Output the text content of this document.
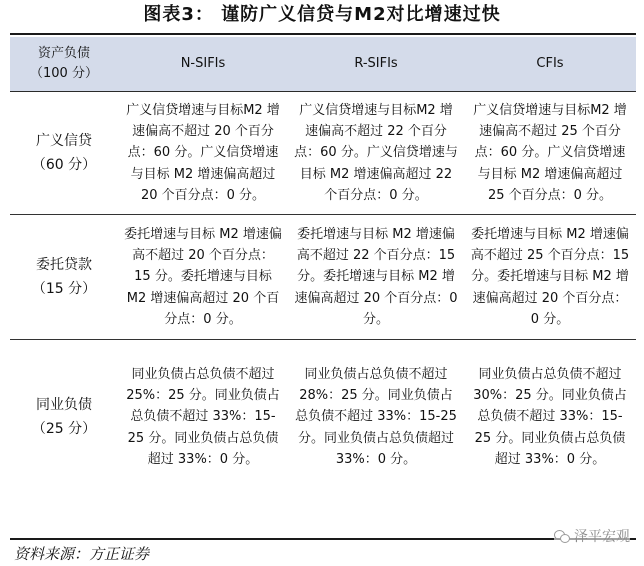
图表3： 谨防广义信贷与M2对比增速过快
资产负债
（100 分）	N-SIFIs	R-SIFIs	CFIs
广义信贷
（60 分）	广义信贷增速与目标M2 增速偏高不超过 20 个百分点：60 分。广义信贷增速与目标 M2 增速偏高超过 20 个百分点：0 分。	广义信贷增速与目标M2 增速偏高不超过 22 个百分点：60 分。广义信贷增速与目标 M2 增速偏高超过 22 个百分点：0 分。	广义信贷增速与目标M2 增速偏高不超过 25 个百分点：60 分。广义信贷增速与目标 M2 增速偏高超过 25 个百分点：0 分。
委托贷款
（15 分）	委托增速与目标 M2 增速偏高不超过 20 个百分点：15 分。委托增速与目标 M2 增速偏高超过 20 个百分点：0 分。	委托增速与目标 M2 增速偏高不超过 22 个百分点：15 分。委托增速与目标 M2 增速偏高超过 20 个百分点：0 分。	委托增速与目标 M2 增速偏高不超过 25 个百分点：15 分。委托增速与目标 M2 增速偏高超过 20 个百分点：0 分。
同业负债
（25 分）	同业负债占总负债不超过 25%：25 分。同业负债占总负债不超过 33%：15-25 分。同业负债占总负债超过 33%：0 分。	同业负债占总负债不超过 28%：25 分。同业负债占总负债不超过 33%：15-25 分。同业负债占总负债超过 33%：0 分。	同业负债占总负债不超过 30%：25 分。同业负债占总负债不超过 33%：15-25 分。同业负债占总负债超过 33%：0 分。
资料来源：方正证券
泽平宏观
